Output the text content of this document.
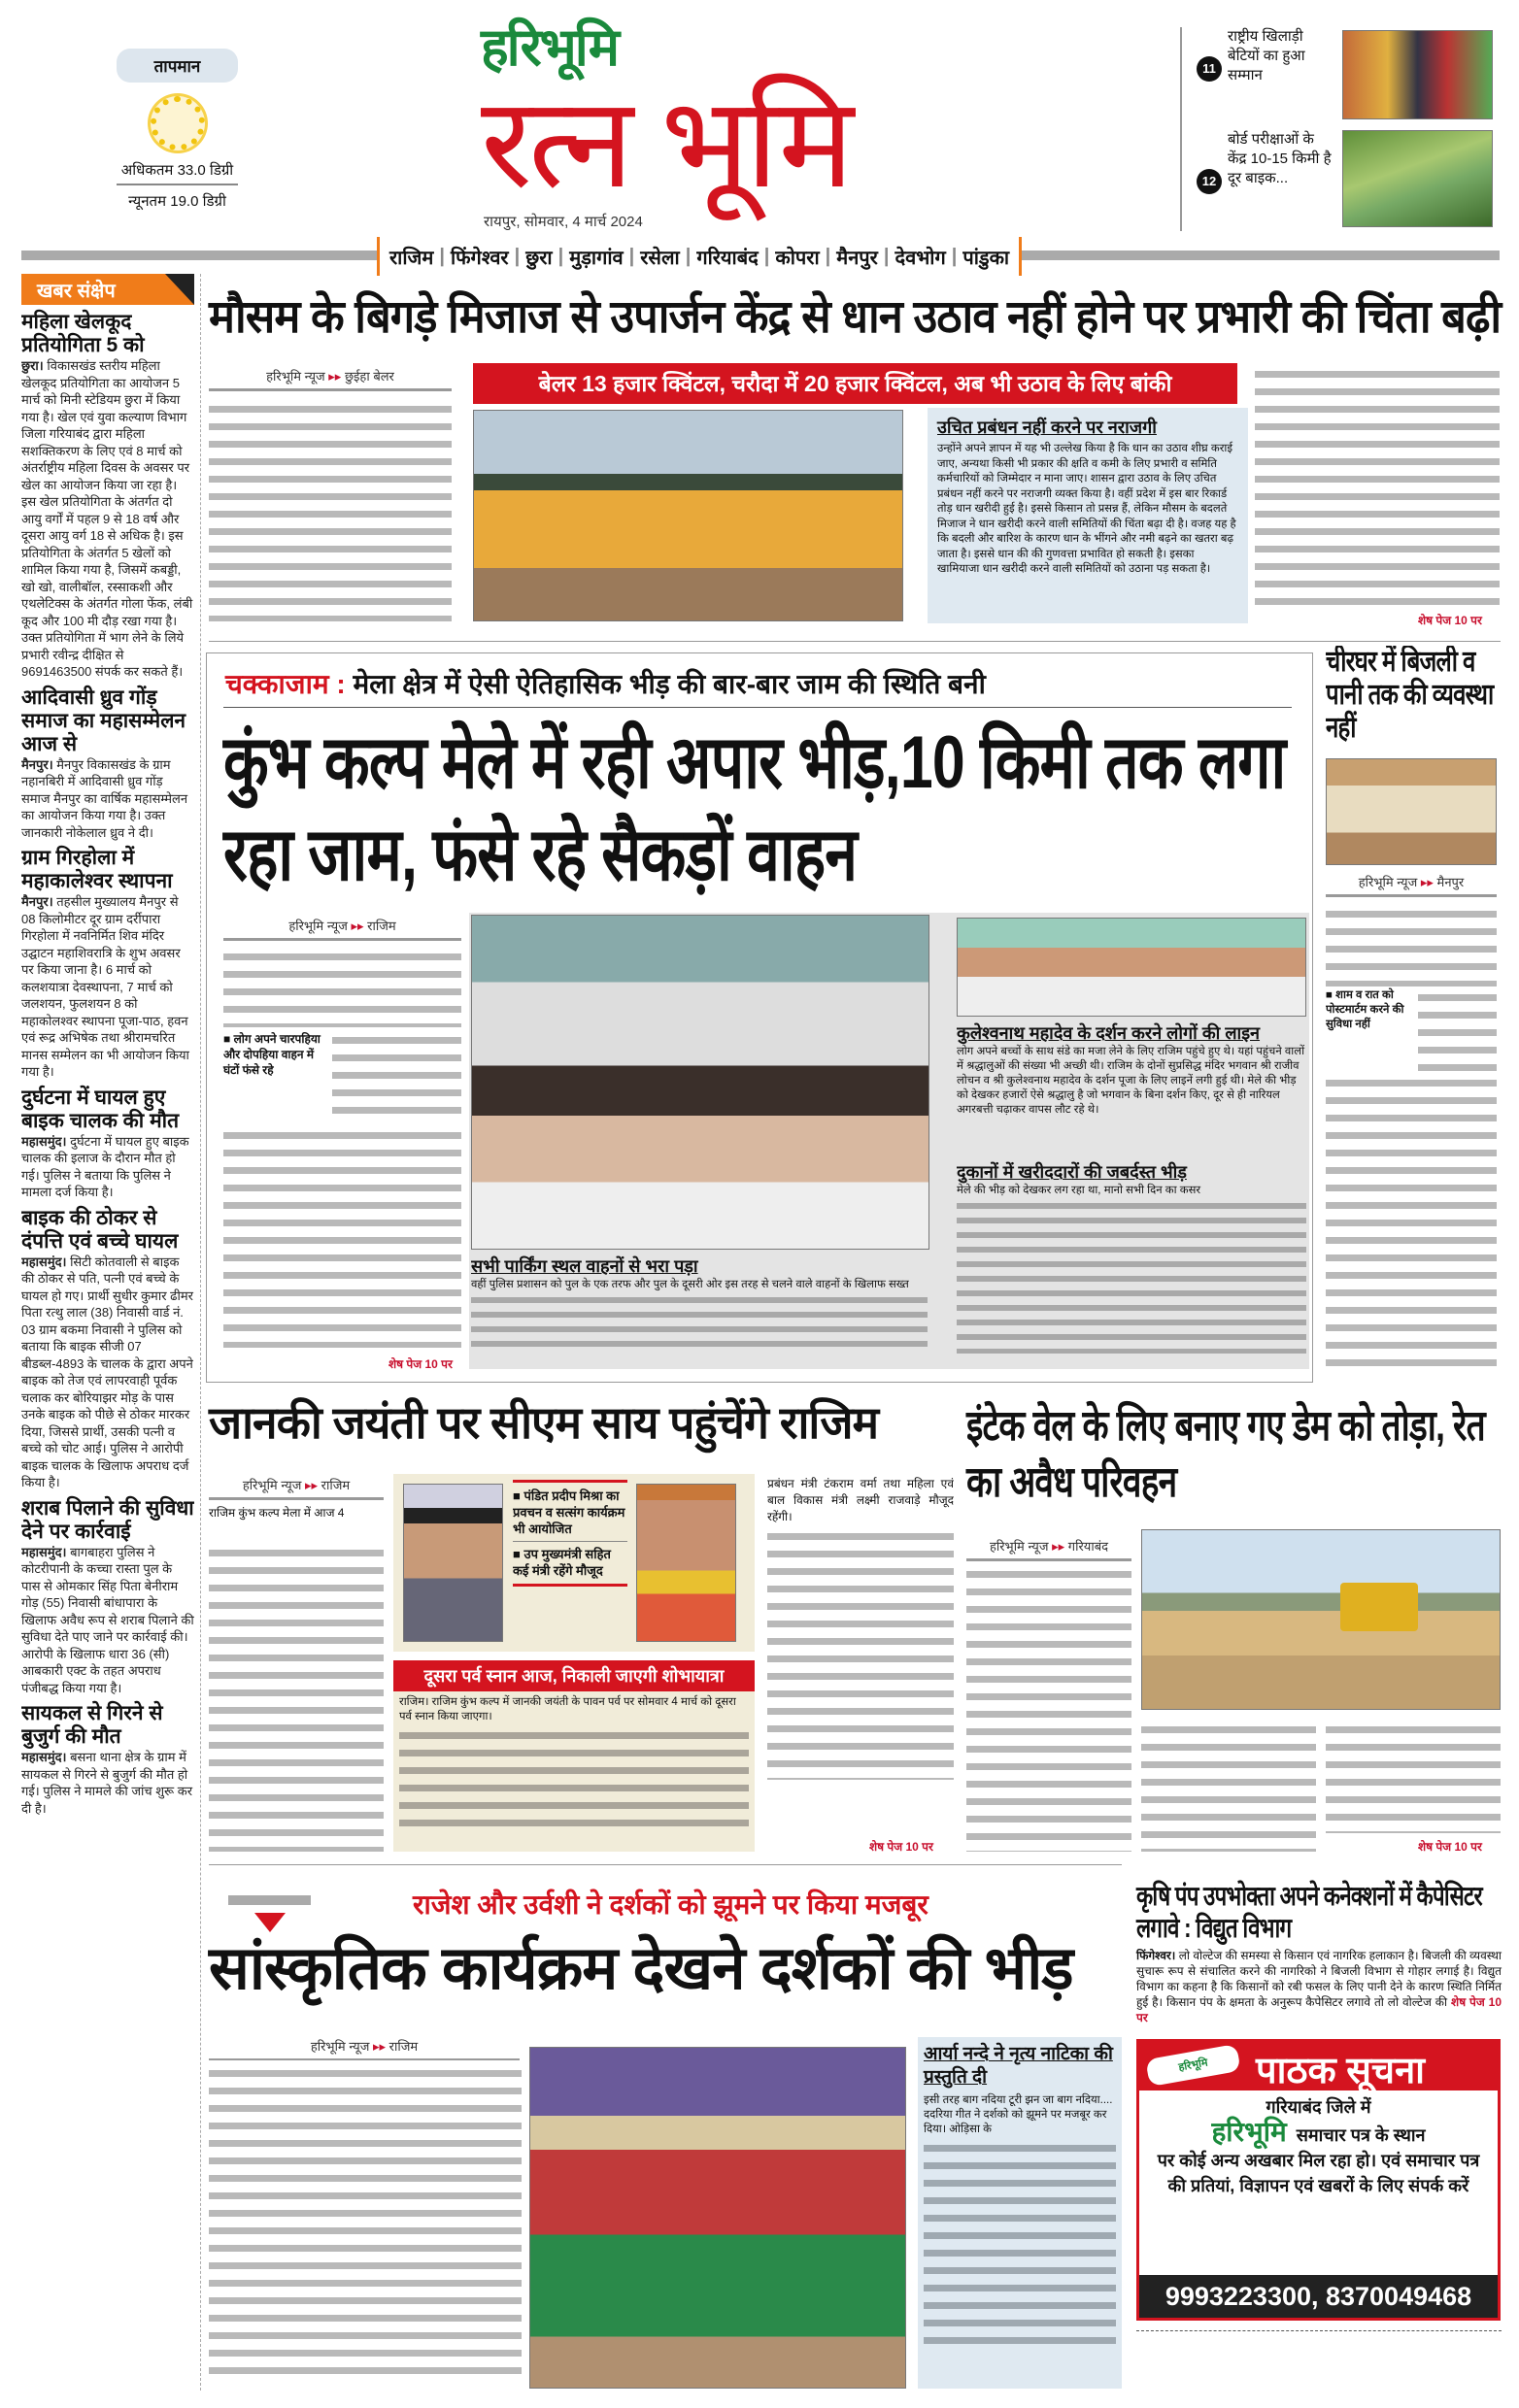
तापमान
अधिकतम 33.0 डिग्री
न्यूनतम 19.0 डिग्री
हरिभूमि
रत्न भूमि
रायपुर, सोमवार, 4 मार्च 2024
11
राष्ट्रीय खिलाड़ी बेटियों का हुआ सम्मान
12
बोर्ड परीक्षाओं के केंद्र 10-15 किमी है दूर बाइक...
राजिम | फिंगेश्वर | छुरा | मुड़ागांव | रसेला | गरियाबंद | कोपरा | मैनपुर | देवभोग | पांडुका
खबर संक्षेप
महिला खेलकूद प्रतियोगिता 5 को
छुरा। विकासखंड स्तरीय महिला खेलकूद प्रतियोगिता का आयोजन 5 मार्च को मिनी स्टेडियम छुरा में किया गया है। खेल एवं युवा कल्याण विभाग जिला गरियाबंद द्वारा महिला सशक्तिकरण के लिए एवं 8 मार्च को अंतर्राष्ट्रीय महिला दिवस के अवसर पर खेल का आयोजन किया जा रहा है। इस खेल प्रतियोगिता के अंतर्गत दो आयु वर्गों में पहल 9 से 18 वर्ष और दूसरा आयु वर्ग 18 से अधिक है। इस प्रतियोगिता के अंतर्गत 5 खेलों को शामिल किया गया है, जिसमें कबड्डी, खो खो, वालीबॉल, रस्साकशी और एथलेटिक्स के अंतर्गत गोला फेंक, लंबी कूद और 100 मी दौड़ रखा गया है। उक्त प्रतियोगिता में भाग लेने के लिये प्रभारी रवीन्द्र दीक्षित से 9691463500 संपर्क कर सकते हैं।
आदिवासी ध्रुव गोंड़ समाज का महासम्मेलन आज से
मैनपुर। मैनपुर विकासखंड के ग्राम नहानबिरी में आदिवासी ध्रुव गोंड़ समाज मैनपुर का वार्षिक महासम्मेलन का आयोजन किया गया है। उक्त जानकारी नोकेलाल ध्रुव ने दी।
ग्राम गिरहोला में महाकालेश्वर स्थापना
मैनपुर। तहसील मुख्यालय मैनपुर से 08 किलोमीटर दूर ग्राम दर्रीपारा गिरहोला में नवनिर्मित शिव मंदिर उद्घाटन महाशिवरात्रि के शुभ अवसर पर किया जाना है। 6 मार्च को कलशयात्रा देवस्थापना, 7 मार्च को जलशयन, फुलशयन 8 को महाकोलश्वर स्थापना पूजा-पाठ, हवन एवं रूद्र अभिषेक तथा श्रीरामचरित मानस सम्मेलन का भी आयोजन किया गया है।
दुर्घटना में घायल हुए बाइक चालक की मौत
महासमुंद। दुर्घटना में घायल हुए बाइक चालक की इलाज के दौरान मौत हो गई। पुलिस ने बताया कि पुलिस ने मामला दर्ज किया है।
बाइक की ठोकर से दंपत्ति एवं बच्चे घायल
महासमुंद। सिटी कोतवाली से बाइक की ठोकर से पति, पत्नी एवं बच्चे के घायल हो गए। प्रार्थी सुधीर कुमार ढीमर पिता रत्थु लाल (38) निवासी वार्ड नं. 03 ग्राम बकमा निवासी ने पुलिस को बताया कि बाइक सीजी 07 बीडब्ल-4893 के चालक के द्वारा अपने बाइक को तेज एवं लापरवाही पूर्वक चलाक कर बोरियाझर मोड़ के पास उनके बाइक को पीछे से ठोकर मारकर दिया, जिससे प्रार्थी, उसकी पत्नी व बच्चे को चोट आई। पुलिस ने आरोपी बाइक चालक के खिलाफ अपराध दर्ज किया है।
शराब पिलाने की सुविधा देने पर कार्रवाई
महासमुंद। बागबाहरा पुलिस ने कोटरीपानी के कच्चा रास्ता पुल के पास से ओमकार सिंह पिता बेनीराम गोड़ (55) निवासी बांधापारा के खिलाफ अवैध रूप से शराब पिलाने की सुविधा देते पाए जाने पर कार्रवाई की। आरोपी के खिलाफ धारा 36 (सी) आबकारी एक्ट के तहत अपराध पंजीबद्ध किया गया है।
सायकल से गिरने से बुजुर्ग की मौत
महासमुंद। बसना थाना क्षेत्र के ग्राम में सायकल से गिरने से बुजुर्ग की मौत हो गई। पुलिस ने मामले की जांच शुरू कर दी है।
मौसम के बिगड़े मिजाज से उपार्जन केंद्र से धान उठाव नहीं होने पर प्रभारी की चिंता बढ़ी
हरिभूमि न्यूज ▸▸ छुईहा बेलर	बेलर 13 हजार क्विंटल, चरौदा में 20 हजार क्विंटल, अब भी उठाव के लिए बांकी
उचित प्रबंधन नहीं करने पर नराजगी
उन्होंने अपने ज्ञापन में यह भी उल्लेख किया है कि धान का उठाव शीघ्र कराई जाए, अन्यथा किसी भी प्रकार की क्षति व कमी के लिए प्रभारी व समिति कर्मचारियों को जिम्मेदार न माना जाए। शासन द्वारा उठाव के लिए उचित प्रबंधन नहीं करने पर नराजगी व्यक्त किया है। वहीं प्रदेश में इस बार रिकार्ड तोड़ धान खरीदी हुई है। इससे किसान तो प्रसन्न हैं, लेकिन मौसम के बदलते मिजाज ने धान खरीदी करने वाली समितियों की चिंता बढ़ा दी है। वजह यह है कि बदली और बारिश के कारण धान के भींगने और नमी बढ़ने का खतरा बढ़ जाता है। इससे धान की की गुणवत्ता प्रभावित हो सकती है। इसका खामियाजा धान खरीदी करने वाली समितियों को उठाना पड़ सकता है।
शेष पेज 10 पर
चक्काजाम : मेला क्षेत्र में ऐसी ऐतिहासिक भीड़ की बार-बार जाम की स्थिति बनी
कुंभ कल्प मेले में रही अपार भीड़,10 किमी तक लगा रहा जाम, फंसे रहे सैकड़ों वाहन
हरिभूमि न्यूज ▸▸ राजिम
■ लोग अपने चारपहिया और दोपहिया वाहन में घंटों फंसे रहे
शेष पेज 10 पर
कुलेश्वनाथ महादेव के दर्शन करने लोगों की लाइन
लोग अपने बच्चों के साथ संडे का मजा लेने के लिए राजिम पहुंचे हुए थे। यहां पहुंचने वालों में श्रद्धालुओं की संख्या भी अच्छी थी। राजिम के दोनों सुप्रसिद्ध मंदिर भगवान श्री राजीव लोचन व श्री कुलेश्वनाथ महादेव के दर्शन पूजा के लिए लाइनें लगी हुई थी। मेले की भीड़ को देखकर हजारों ऐसे श्रद्धालु है जो भगवान के बिना दर्शन किए, दूर से ही नारियल अगरबत्ती चढ़ाकर वापस लौट रहे थे।
सभी पार्किंग स्थल वाहनों से भरा पड़ा
वहीं पुलिस प्रशासन को पुल के एक तरफ और पुल के दूसरी ओर इस तरह से चलने वाले वाहनों के खिलाफ सख्त
दुकानों में खरीददारों की जबर्दस्त भीड़
मेले की भीड़ को देखकर लग रहा था, मानो सभी दिन का कसर
चीरघर में बिजली व पानी तक की व्यवस्था नहीं
हरिभूमि न्यूज ▸▸ मैनपुर
■ शाम व रात को पोस्टमार्टम करने की सुविधा नहीं
जानकी जयंती पर सीएम साय पहुंचेंगे राजिम
हरिभूमि न्यूज ▸▸ राजिम
राजिम कुंभ कल्प मेला में आज 4
■ पंडित प्रदीप मिश्रा का प्रवचन व सत्संग कार्यक्रम भी आयोजित
■ उप मुख्यमंत्री सहित कई मंत्री रहेंगे मौजूद
दूसरा पर्व स्नान आज, निकाली जाएगी शोभायात्रा
राजिम। राजिम कुंभ कल्प में जानकी जयंती के पावन पर्व पर सोमवार 4 मार्च को दूसरा पर्व स्नान किया जाएगा।
प्रबंधन मंत्री टंकराम वर्मा तथा महिला एवं बाल विकास मंत्री लक्ष्मी राजवाड़े मौजूद रहेंगी।
शेष पेज 10 पर
इंटेक वेल के लिए बनाए गए डेम को तोड़ा, रेत का अवैध परिवहन
हरिभूमि न्यूज ▸▸ गरियाबंद
शेष पेज 10 पर
राजेश और उर्वशी ने दर्शकों को झूमने पर किया मजबूर
सांस्कृतिक कार्यक्रम देखने दर्शकों की भीड़
हरिभूमि न्यूज ▸▸ राजिम	आर्या नन्दे ने नृत्य नाटिका की प्रस्तुति दी
इसी तरह बाग नदिया टूरी झन जा बाग नदिया.... ददरिया गीत ने दर्शको को झूमने पर मजबूर कर दिया। ओड़िसा के
कृषि पंप उपभोक्ता अपने कनेक्शनों में कैपेसिटर लगावे : विद्युत विभाग
फिंगेश्वर। लो वोल्टेज की समस्या से किसान एवं नागरिक हलाकान है। बिजली की व्यवस्था सुचारू रूप से संचालित करने की नागरिको ने बिजली विभाग से गोहार लगाई है। विद्युत विभाग का कहना है कि किसानों को रबी फसल के लिए पानी देने के कारण स्थिति निर्मित हुई है। किसान पंप के क्षमता के अनुरूप कैपेसिटर लगावे तो लो वोल्टेज की शेष पेज 10 पर
हरिभूमि	पाठक सूचना
गरियाबंद जिले में
हरिभूमि समाचार पत्र के स्थान
पर कोई अन्य अखबार मिल रहा हो। एवं समाचार पत्र की प्रतियां, विज्ञापन एवं खबरों के लिए संपर्क करें
9993223300, 8370049468
